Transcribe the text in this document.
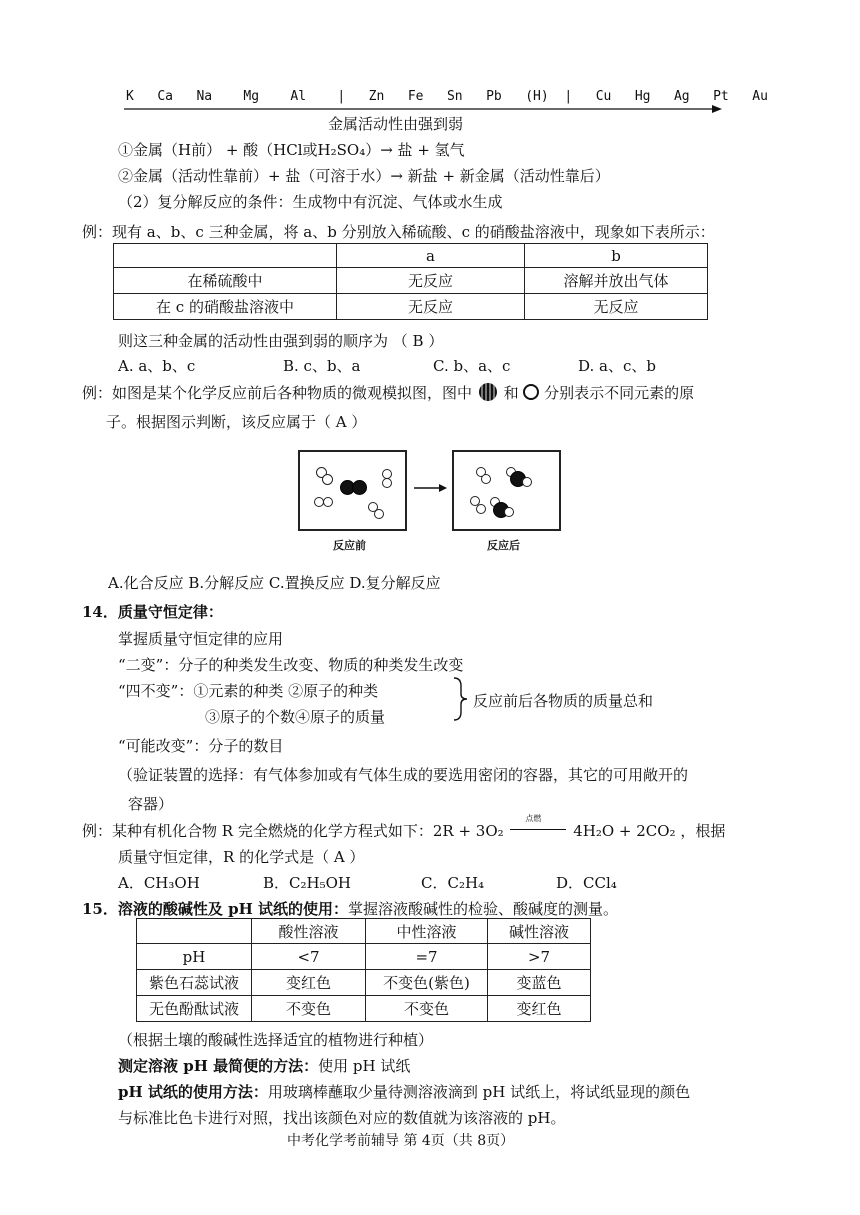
K Ca Na Mg Al | Zn Fe Sn Pb (H) | Cu Hg Ag Pt Au
金属活动性由强到弱
①金属（H前） + 酸（HCl或H₂SO₄）→ 盐 + 氢气
②金属（活动性靠前）+ 盐（可溶于水）→ 新盐 + 新金属（活动性靠后）
（2）复分解反应的条件：生成物中有沉淀、气体或水生成
例：现有 a、b、c 三种金属，将 a、b 分别放入稀硫酸、c 的硝酸盐溶液中，现象如下表所示：
	a	b
在稀硫酸中	无反应	溶解并放出气体
在 c 的硝酸盐溶液中	无反应	无反应
则这三种金属的活动性由强到弱的顺序为 （ B ）
A. a、b、c	B. c、b、a	C. b、a、c	D. a、c、b
例：如图是某个化学反应前后各种物质的微观模拟图，图中 和 分别表示不同元素的原
子。根据图示判断，该反应属于（ A ）
反应前	反应后
A.化合反应 B.分解反应 C.置换反应 D.复分解反应
14．质量守恒定律：
掌握质量守恒定律的应用
“二变”：分子的种类发生改变、物质的种类发生改变
“四不变”：①元素的种类 ②原子的种类
③原子的个数④原子的质量
反应前后各物质的质量总和
“可能改变”：分子的数目
（验证装置的选择：有气体参加或有气体生成的要选用密闭的容器，其它的可用敞开的
容器）
例：某种有机化合物 R 完全燃烧的化学方程式如下：2R + 3O₂
点燃
4H₂O + 2CO₂ ，根据
质量守恒定律，R 的化学式是（ A ）
A．CH₃OH	B．C₂H₅OH	C．C₂H₄	D．CCl₄
15．溶液的酸碱性及 pH 试纸的使用：掌握溶液酸碱性的检验、酸碱度的测量。
	酸性溶液	中性溶液	碱性溶液
pH	<7	=7	>7
紫色石蕊试液	变红色	不变色(紫色)	变蓝色
无色酚酞试液	不变色	不变色	变红色
（根据土壤的酸碱性选择适宜的植物进行种植）
测定溶液 pH 最简便的方法：使用 pH 试纸
pH 试纸的使用方法：用玻璃棒蘸取少量待测溶液滴到 pH 试纸上，将试纸显现的颜色
与标准比色卡进行对照，找出该颜色对应的数值就为该溶液的 pH。
中考化学考前辅导 第 4页（共 8页）
